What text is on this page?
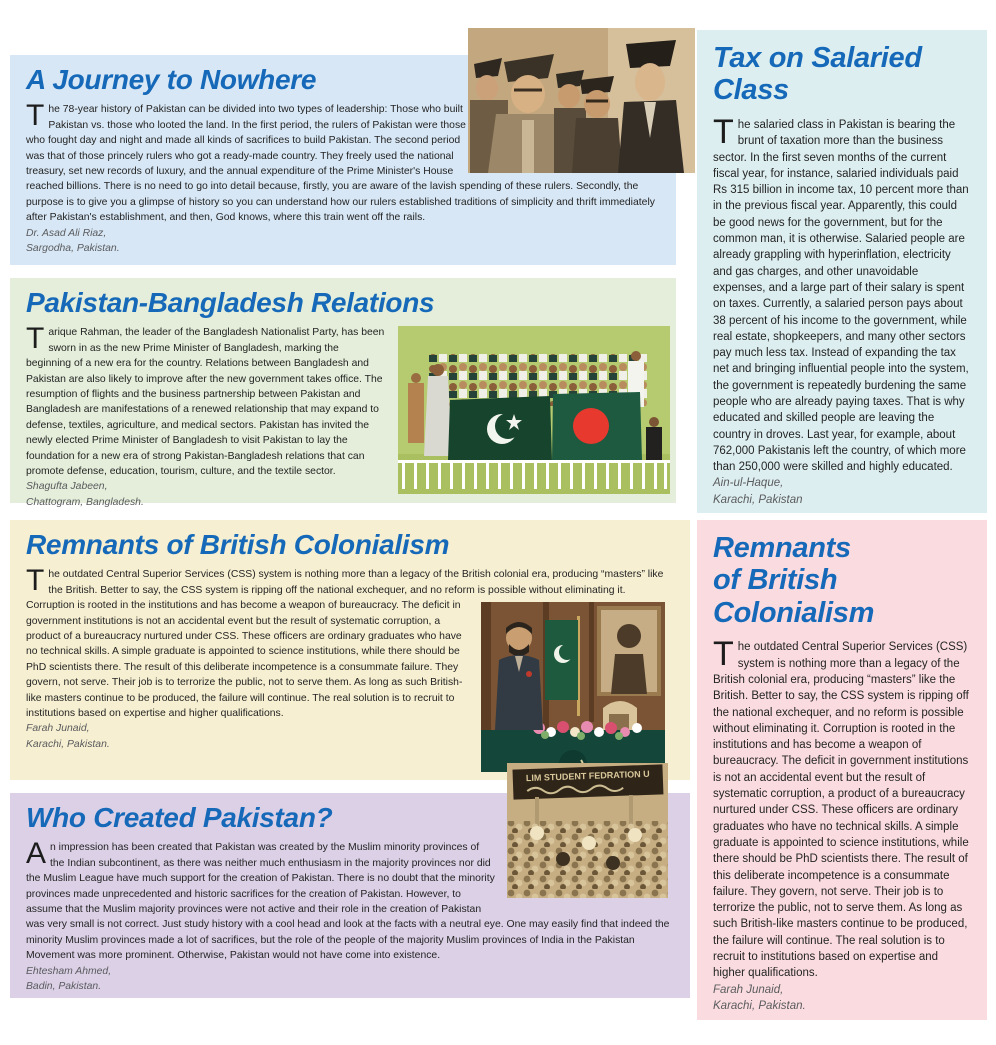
A Journey to Nowhere

The 78-year history of Pakistan can be divided into two types of leadership: Those who built Pakistan vs. those who looted the land. In the first period, the rulers of Pakistan were those who fought day and night and made all kinds of sacrifices to build Pakistan. The second period was that of those princely rulers who got a ready-made country. They freely used the national treasury, set new records of luxury, and the annual expenditure of the Prime Minister's House reached billions. There is no need to go into detail because, firstly, you are aware of the lavish spending of these rulers. Secondly, the purpose is to give you a glimpse of history so you can understand how our rulers established traditions of simplicity and thrift immediately after Pakistan's establishment, and then, God knows, where this train went off the rails.

Dr. Asad Ali Riaz,
Sargodha, Pakistan.
Tax on Salaried
Class

The salaried class in Pakistan is bearing the brunt of taxation more than the business sector. In the first seven months of the current fiscal year, for instance, salaried individuals paid Rs 315 billion in income tax, 10 percent more than in the previous fiscal year. Apparently, this could be good news for the government, but for the common man, it is otherwise. Salaried people are already grappling with hyperinflation, electricity and gas charges, and other unavoidable expenses, and a large part of their salary is spent on taxes. Currently, a salaried person pays about 38 percent of his income to the government, while real estate, shopkeepers, and many other sectors pay much less tax. Instead of expanding the tax net and bringing influential people into the system, the government is repeatedly burdening the same people who are already paying taxes. That is why educated and skilled people are leaving the country in droves. Last year, for example, about 762,000 Pakistanis left the country, of which more than 250,000 were skilled and highly educated.

Ain-ul-Haque,
Karachi, Pakistan
Pakistan-Bangladesh Relations

Tarique Rahman, the leader of the Bangladesh Nationalist Party, has been sworn in as the new Prime Minister of Bangladesh, marking the beginning of a new era for the country. Relations between Bangladesh and Pakistan are also likely to improve after the new government takes office. The resumption of flights and the business partnership between Pakistan and Bangladesh are manifestations of a renewed relationship that may expand to defense, textiles, agriculture, and medical sectors. Pakistan has invited the newly elected Prime Minister of Bangladesh to visit Pakistan to lay the foundation for a new era of strong Pakistan-Bangladesh relations that can promote defense, education, tourism, culture, and the textile sector.

Shagufta Jabeen,
Chattogram, Bangladesh.
Remnants of British Colonialism

The outdated Central Superior Services (CSS) system is nothing more than a legacy of the British colonial era, producing “masters” like the British. Better to say, the CSS system is ripping off the national exchequer, and no reform is possible without eliminating it.

Corruption is rooted in the institutions and has become a weapon of bureaucracy. The deficit in government institutions is not an accidental event but the result of systematic corruption, a product of a bureaucracy nurtured under CSS. These officers are ordinary graduates who have no technical skills. A simple graduate is appointed to science institutions, while there should be PhD scientists there. The result of this deliberate incompetence is a consummate failure. They govern, not serve. Their job is to terrorize the public, not to serve them. As long as such British-like masters continue to be produced, the failure will continue. The real solution is to recruit to institutions based on expertise and higher qualifications.

Farah Junaid,
Karachi, Pakistan.
Who Created Pakistan?

An impression has been created that Pakistan was created by the Muslim minority provinces of the Indian subcontinent, as there was neither much enthusiasm in the majority provinces nor did the Muslim League have much support for the creation of Pakistan. There is no doubt that the minority provinces made unprecedented and historic sacrifices for the creation of Pakistan. However, to assume that the Muslim majority provinces were not active and their role in the creation of Pakistan was very small is not correct. Just study history with a cool head and look at the facts with a neutral eye. One may easily find that indeed the minority Muslim provinces made a lot of sacrifices, but the role of the people of the majority Muslim provinces of India in the Pakistan Movement was more prominent. Otherwise, Pakistan would not have come into existence.

Ehtesham Ahmed,
Badin, Pakistan.
Remnants
of British
Colonialism

The outdated Central Superior Services (CSS) system is nothing more than a legacy of the British colonial era, producing “masters” like the British. Better to say, the CSS system is ripping off the national exchequer, and no reform is possible without eliminating it. Corruption is rooted in the institutions and has become a weapon of bureaucracy. The deficit in government institutions is not an accidental event but the result of systematic corruption, a product of a bureaucracy nurtured under CSS. These officers are ordinary graduates who have no technical skills. A simple graduate is appointed to science institutions, while there should be PhD scientists there. The result of this deliberate incompetence is a consummate failure. They govern, not serve. Their job is to terrorize the public, not to serve them. As long as such British-like masters continue to be produced, the failure will continue. The real solution is to recruit to institutions based on expertise and higher qualifications.

Farah Junaid,
Karachi, Pakistan.
LIM STUDENT FEDRATION U
